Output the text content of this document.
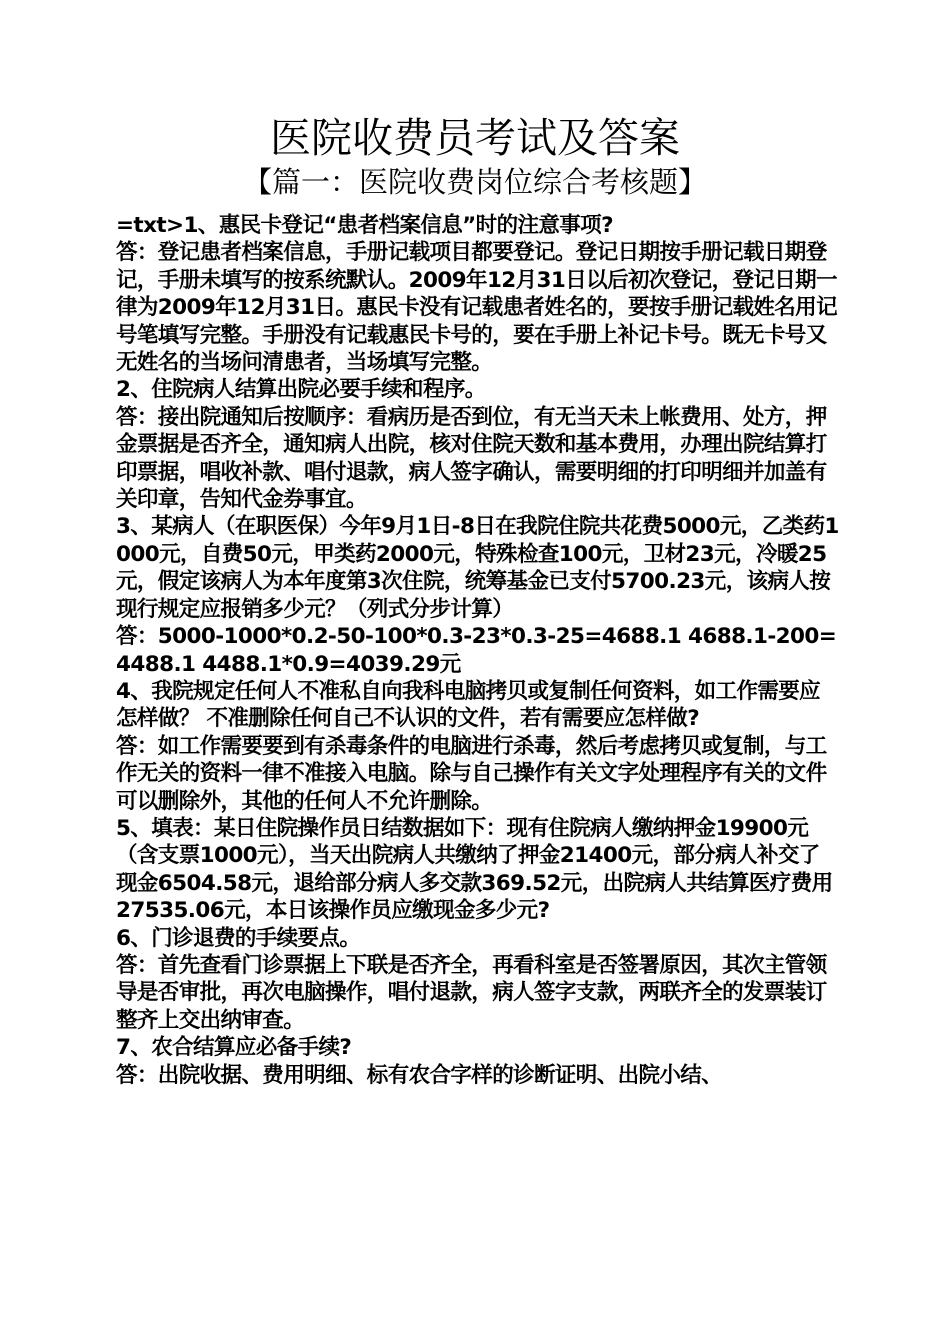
医院收费员考试及答案
【篇一：医院收费岗位综合考核题】

=txt>1、惠民卡登记“患者档案信息”时的注意事项?

答：登记患者档案信息，手册记载项目都要登记。登记日期按手册记载日期登记，手册未填写的按系统默认。2009年12月31日以后初次登记，登记日期一律为2009年12月31日。惠民卡没有记载患者姓名的，要按手册记载姓名用记号笔填写完整。手册没有记载惠民卡号的，要在手册上补记卡号。既无卡号又无姓名的当场问清患者，当场填写完整。

2、住院病人结算出院必要手续和程序。

答：接出院通知后按顺序：看病历是否到位，有无当天未上帐费用、处方，押金票据是否齐全，通知病人出院，核对住院天数和基本费用，办理出院结算打印票据，唱收补款、唱付退款，病人签字确认，需要明细的打印明细并加盖有关印章，告知代金券事宜。

3、某病人（在职医保）今年9月1日-8日在我院住院共花费5000元，乙类药1000元，自费50元，甲类药2000元，特殊检查100元，卫材23元，冷暖25元，假定该病人为本年度第3次住院，统筹基金已支付5700.23元，该病人按现行规定应报销多少元？（列式分步计算）

答：5000-1000*0.2-50-100*0.3-23*0.3-25=4688.1 4688.1-200=4488.1 4488.1*0.9=4039.29元

4、我院规定任何人不准私自向我科电脑拷贝或复制任何资料，如工作需要应怎样做？ 不准删除任何自己不认识的文件，若有需要应怎样做?

答：如工作需要要到有杀毒条件的电脑进行杀毒，然后考虑拷贝或复制，与工作无关的资料一律不准接入电脑。除与自己操作有关文字处理程序有关的文件可以删除外，其他的任何人不允许删除。

5、填表：某日住院操作员日结数据如下：现有住院病人缴纳押金19900元（含支票1000元），当天出院病人共缴纳了押金21400元，部分病人补交了现金6504.58元，退给部分病人多交款369.52元，出院病人共结算医疗费用27535.06元，本日该操作员应缴现金多少元?

6、门诊退费的手续要点。

答：首先查看门诊票据上下联是否齐全，再看科室是否签署原因，其次主管领导是否审批，再次电脑操作，唱付退款，病人签字支款，两联齐全的发票装订整齐上交出纳审查。

7、农合结算应必备手续?

答：出院收据、费用明细、标有农合字样的诊断证明、出院小结、
